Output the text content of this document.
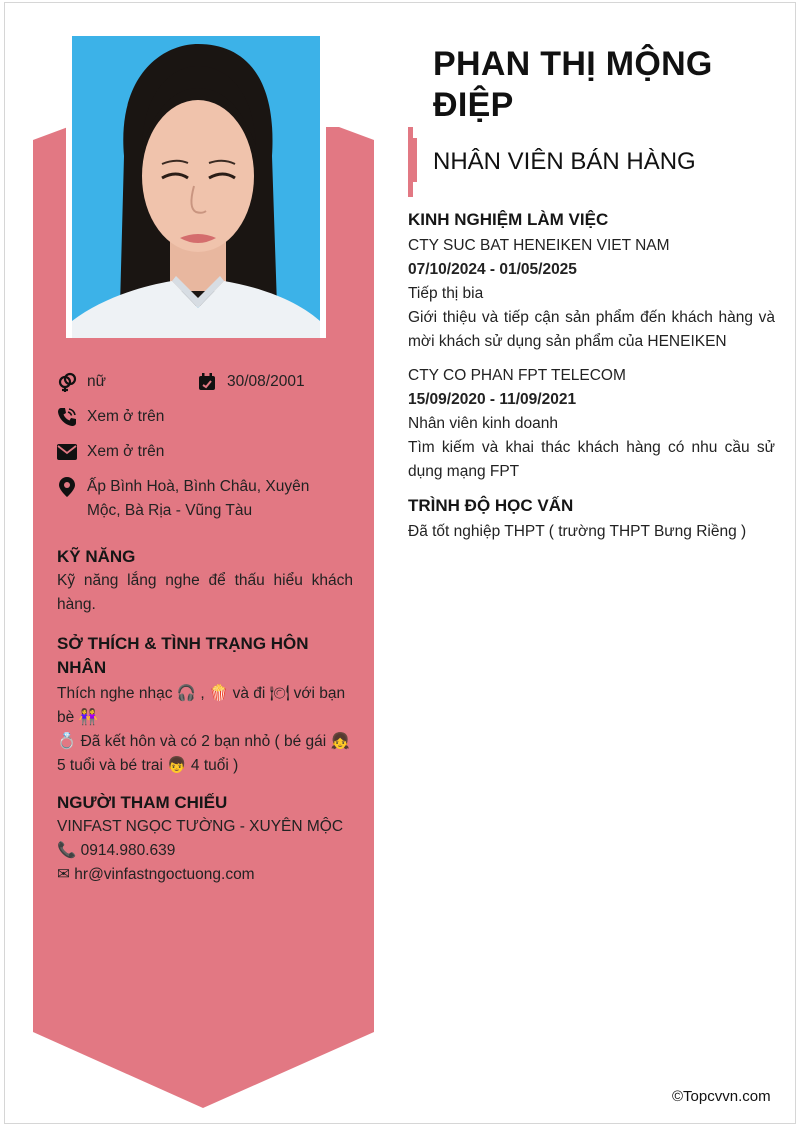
nữ	30/08/2001
Xem ở trên
Xem ở trên
Ấp Bình Hoà, Bình Châu, Xuyên Mộc, Bà Rịa - Vũng Tàu
KỸ NĂNG
Kỹ năng lắng nghe để thấu hiểu khách hàng.
SỞ THÍCH & TÌNH TRẠNG HÔN NHÂN
Thích nghe nhạc 🎧 , 🍿 và đi 🍽 với bạn bè 👭
💍 Đã kết hôn và có 2 bạn nhỏ ( bé gái 👧 5 tuổi và bé trai 👦 4 tuổi )
NGƯỜI THAM CHIẾU
VINFAST NGỌC TƯỜNG - XUYÊN MỘC
📞 0914.980.639
✉ hr@vinfastngoctuong.com
PHAN THỊ MỘNG ĐIỆP
NHÂN VIÊN BÁN HÀNG
KINH NGHIỆM LÀM VIỆC
CTY SUC BAT HENEIKEN VIET NAM
07/10/2024 - 01/05/2025
Tiếp thị bia
Giới thiệu và tiếp cận sản phẩm đến khách hàng và mời khách sử dụng sản phẩm của HENEIKEN
CTY CO PHAN FPT TELECOM
15/09/2020 - 11/09/2021
Nhân viên kinh doanh
Tìm kiếm và khai thác khách hàng có nhu cầu sử dụng mạng FPT
TRÌNH ĐỘ HỌC VẤN
Đã tốt nghiệp THPT ( trường THPT Bưng Riềng )
©Topcvvn.com
